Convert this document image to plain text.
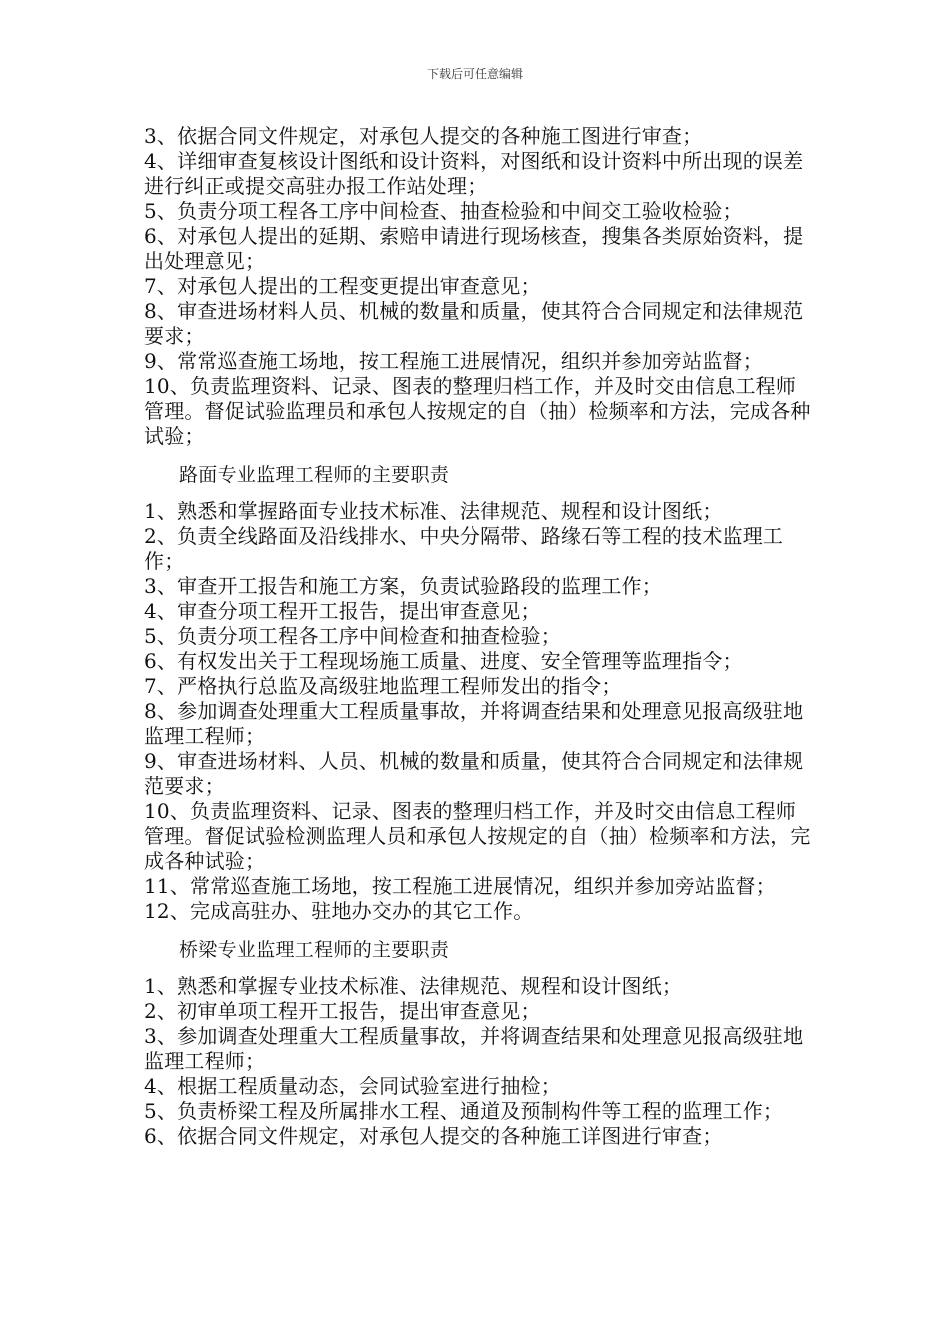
下载后可任意编辑

3、依据合同文件规定，对承包人提交的各种施工图进行审查；

4、详细审查复核设计图纸和设计资料，对图纸和设计资料中所出现的误差进行纠正或提交高驻办报工作站处理；

5、负责分项工程各工序中间检查、抽查检验和中间交工验收检验；

6、对承包人提出的延期、索赔申请进行现场核查，搜集各类原始资料，提出处理意见；

7、对承包人提出的工程变更提出审查意见；

8、审查进场材料人员、机械的数量和质量，使其符合合同规定和法律规范要求；

9、常常巡查施工场地，按工程施工进展情况，组织并参加旁站监督；

10、负责监理资料、记录、图表的整理归档工作，并及时交由信息工程师管理。督促试验监理员和承包人按规定的自（抽）检频率和方法，完成各种试验；

路面专业监理工程师的主要职责

1、熟悉和掌握路面专业技术标准、法律规范、规程和设计图纸；

2、负责全线路面及沿线排水、中央分隔带、路缘石等工程的技术监理工作；

3、审查开工报告和施工方案，负责试验路段的监理工作；

4、审查分项工程开工报告，提出审查意见；

5、负责分项工程各工序中间检查和抽查检验；

6、有权发出关于工程现场施工质量、进度、安全管理等监理指令；

7、严格执行总监及高级驻地监理工程师发出的指令；

8、参加调查处理重大工程质量事故，并将调查结果和处理意见报高级驻地监理工程师；

9、审查进场材料、人员、机械的数量和质量，使其符合合同规定和法律规范要求；

10、负责监理资料、记录、图表的整理归档工作，并及时交由信息工程师管理。督促试验检测监理人员和承包人按规定的自（抽）检频率和方法，完成各种试验；

11、常常巡查施工场地，按工程施工进展情况，组织并参加旁站监督；

12、完成高驻办、驻地办交办的其它工作。

桥梁专业监理工程师的主要职责

1、熟悉和掌握专业技术标准、法律规范、规程和设计图纸；

2、初审单项工程开工报告，提出审查意见；

3、参加调查处理重大工程质量事故，并将调查结果和处理意见报高级驻地监理工程师；

4、根据工程质量动态，会同试验室进行抽检；

5、负责桥梁工程及所属排水工程、通道及预制构件等工程的监理工作；

6、依据合同文件规定，对承包人提交的各种施工详图进行审查；
